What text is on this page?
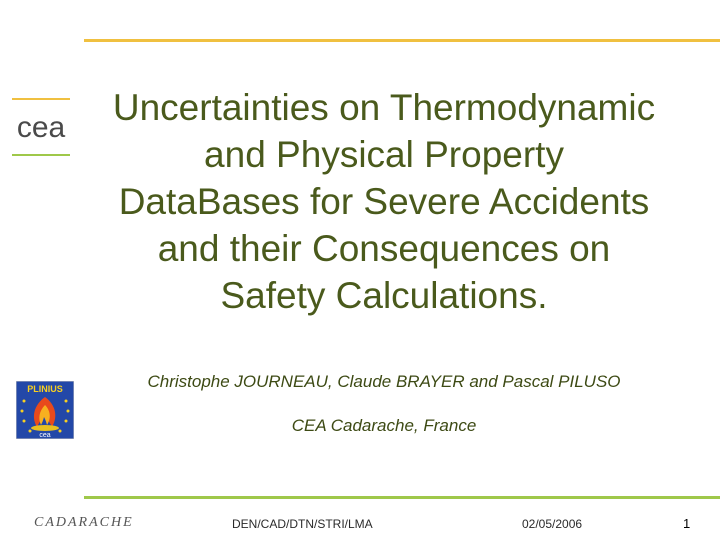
cea	Uncertainties on Thermodynamic
and Physical Property
DataBases for Severe Accidents
and their Consequences on
Safety Calculations.
PLINIUS
cea
Christophe JOURNEAU, Claude BRAYER and Pascal PILUSO
CEA Cadarache, France
CADARACHE	DEN/CAD/DTN/STRI/LMA	02/05/2006	1
